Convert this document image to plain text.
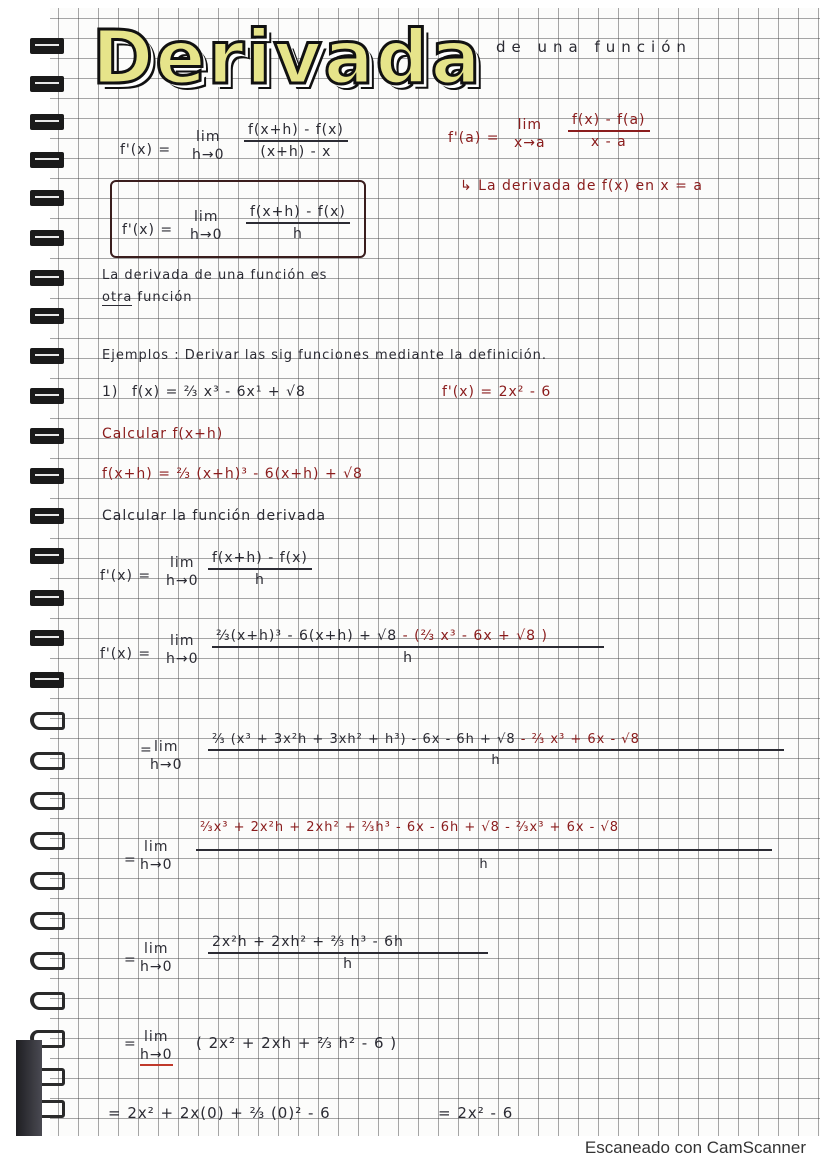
Derivada de una función
f'(x) =
lim
$h\to 0 \frac{f(x+h) - f(x)}{(x+h) - x}$
f'(x) =
lim
$h\to 0 \frac{f(x+h) - f(x)}{h}$
f'(a) =
lim
$x\to a \frac{f(x) - f(a)}{x - a}$
↳ La derivada de f(x) en x = a
La derivada de una función es
otra función
Ejemplos : Derivar las sig funciones mediante la definición.
1) f(x) = ⅔ x³ - 6x¹ + √8	f'(x) = 2x² - 6
Calcular f(x+h)
f(x+h) = ⅔ (x+h)³ - 6(x+h) + √8
Calcular la función derivada
f'(x) =
lim
$h\to 0 \frac{f(x+h) - f(x)}{h}$
f'(x) =
lim
$h\to 0 \frac{\text{⅔(x+h)³ - 6(x+h) + √8 - (⅔ x³ - 6x + √8 )}}{h}$
= lim
$h\to 0 \frac{\text{⅔ (x³ + 3x²h + 3xh² + h³) - 6x - 6h + √8 - ⅔ x³ + 6x - √8}}{h}$
=
lim
$h\to 0 \frac{\text{⅔x³ + 2x²h + 2xh² + ⅔h³ - 6x - 6h + √8 - ⅔x³ + 6x - √8}}{h}$
=
lim
h→0	$\frac{\text{2x²h + 2xh² + ⅔ h³ - 6h}}{h}$
= lim
h→0
( 2x² + 2xh + ⅔ h² - 6 )
= 2x² + 2x(0) + ⅔ (0)² - 6	= 2x² - 6
Escaneado con CamScanner
